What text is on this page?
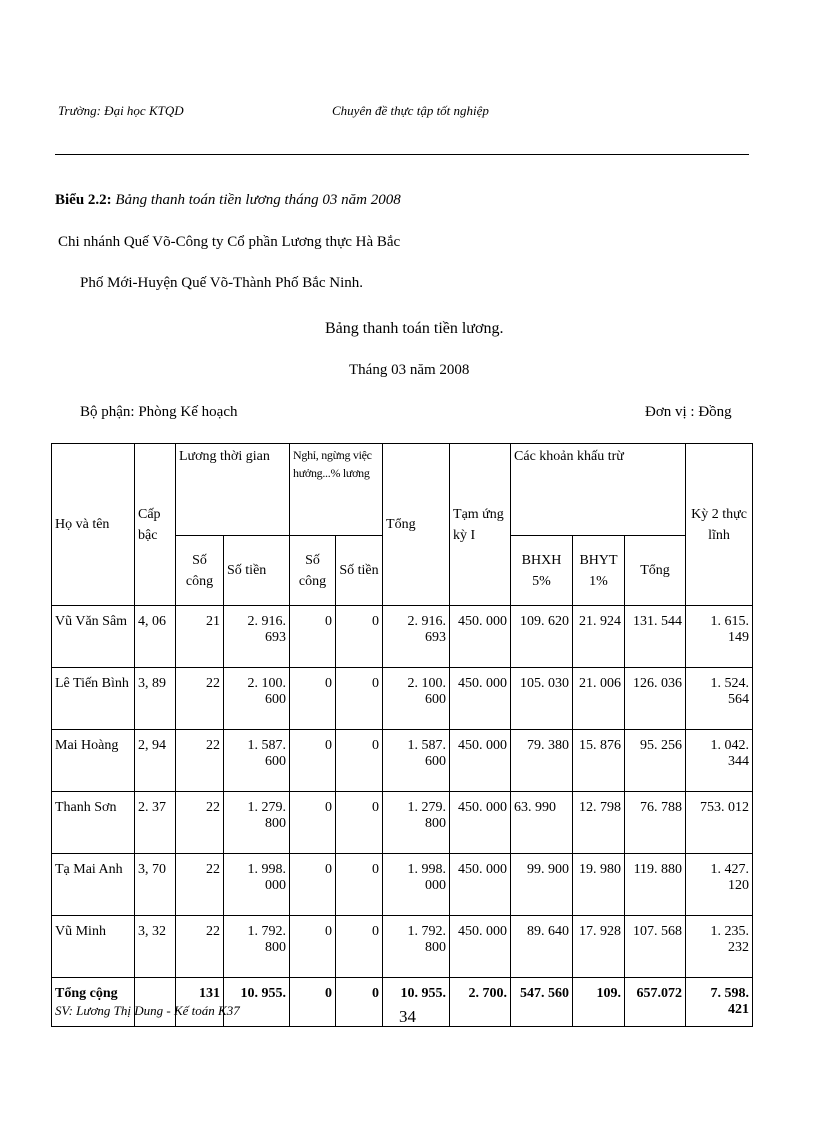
Trường: Đại học KTQD	Chuyên đề thực tập tốt nghiệp
Biểu 2.2: Bảng thanh toán tiền lương tháng 03 năm 2008
Chi nhánh Quế Võ-Công ty Cổ phần Lương thực Hà Bắc
Phố Mới-Huyện Quế Võ-Thành Phố Bắc Ninh.
Bảng thanh toán tiền lương.
Tháng 03 năm 2008
Bộ phận: Phòng Kế hoạch	Đơn vị : Đồng
Họ và tên	Cấp bậc	Lương thời gian		Nghỉ, ngừng việc hưởng...% lương		Tổng	Tạm ứng kỳ I	Các khoản khấu trừ			Kỳ 2 thực lĩnh
		Số công	Số tiền	Số công	Số tiền			BHXH 5%	BHYT 1%	Tổng	
Vũ Văn Sâm	4, 06	21	2. 916. 693	0	0	2. 916. 693	450. 000	109. 620	21. 924	131. 544	1. 615. 149
Lê Tiến Bình	3, 89	22	2. 100. 600	0	0	2. 100. 600	450. 000	105. 030	21. 006	126. 036	1. 524. 564
Mai Hoàng	2, 94	22	1. 587. 600	0	0	1. 587. 600	450. 000	79. 380	15. 876	95. 256	1. 042. 344
Thanh Sơn	2. 37	22	1. 279. 800	0	0	1. 279. 800	450. 000	63. 990	12. 798	76. 788	753. 012
Tạ Mai Anh	3, 70	22	1. 998. 000	0	0	1. 998. 000	450. 000	99. 900	19. 980	119. 880	1. 427. 120
Vũ Minh	3, 32	22	1. 792. 800	0	0	1. 792. 800	450. 000	89. 640	17. 928	107. 568	1. 235. 232
Tổng cộng		131	10. 955.	0	0	10. 955.	2. 700.	547. 560	109.	657.072	7. 598. 421
SV: Lương Thị Dung - Kế toán K37	34
